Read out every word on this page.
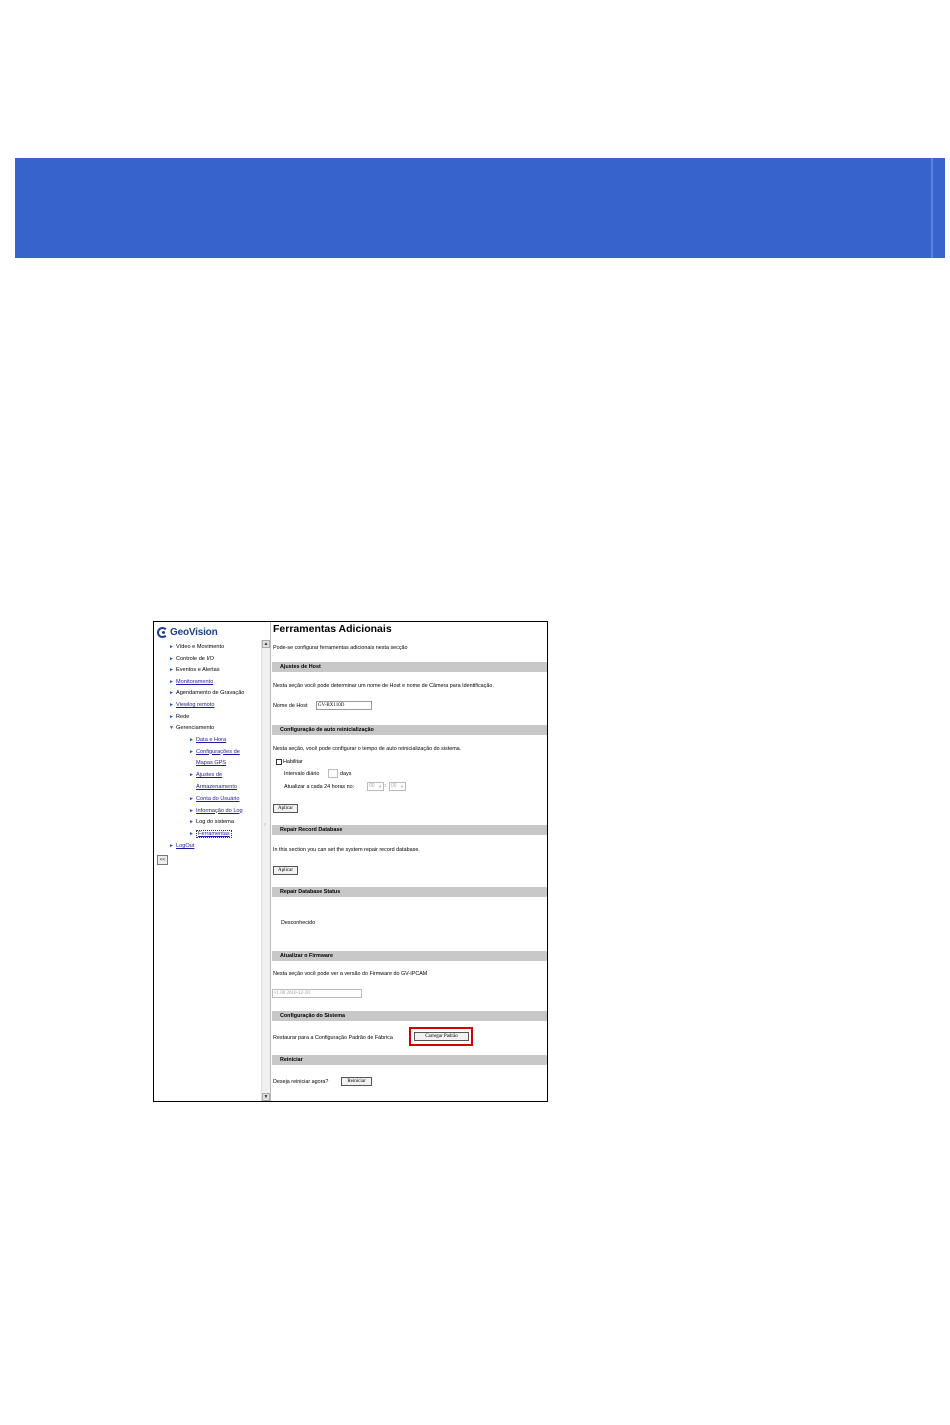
GeoVision
► Vídeo e Movimento
► Controle de I/O
► Eventos e Alertas
► Monitoramento
► Agendamento de Gravação
► Viewlog remoto
► Rede
▼ Gerenciamento
► Data e Hora
► Configurações de
Mapas GPS
► Ajustes de
Armazenamento
► Conta do Usuário
► Informação do Log
► Log do sistema
► Ferramentas
► LogOut
<<
▲
≡
▼
Ferramentas Adicionais
Pode-se configurar ferramentas adicionais nesta secção
Ajustes de Host
Nesta seção você pode determinar um nome de Host e nome de Câmera para Identificação.
Nome de Host	GV-BX110D
Configuração de auto reinicialização
Nesta seção, você pode configurar o tempo de auto reinicialização do sistema.
Habilitar
Intervalo diário	days
Atualizar a cada 24 horas no:	00 ▼ : 00 ▼
Aplicar
Repair Record Database
In this section you can set the system repair record database.
Aplicar
Repair Database Status
Desconhecido
Atualizar o Firmware
Nesta seção você pode ver a versão do Firmware do GV-IPCAM
v1.00 2010-12-20
Configuração do Sistema
Restaurar para a Configuração Padrão de Fábrica	Carregar Padrão
Reiniciar
Deseja reiniciar agora?	Reiniciar
